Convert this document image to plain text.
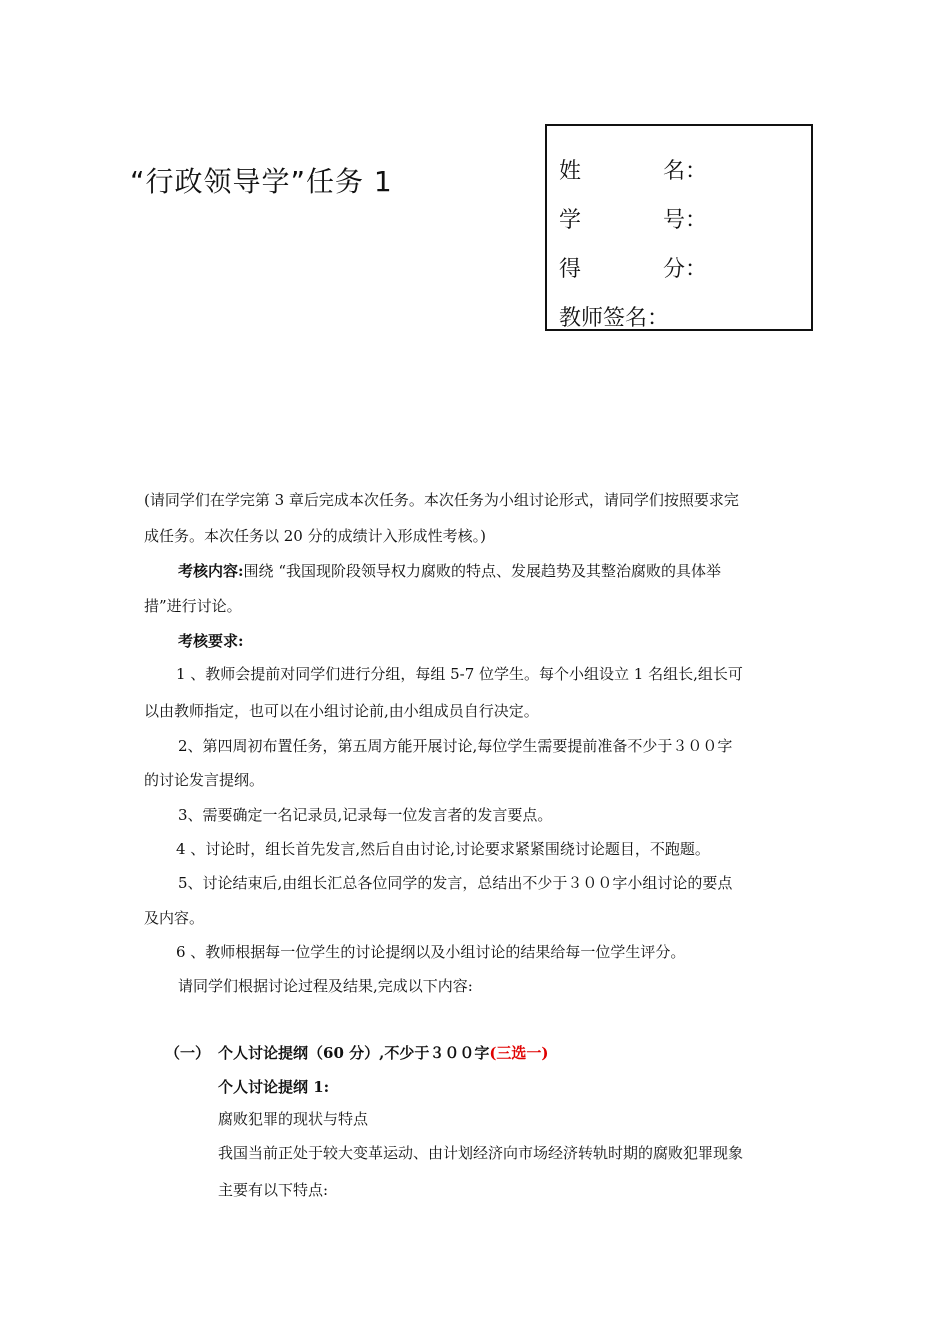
“行政领导学”任务 1	姓	名：
学	号：
得	分：
教师签名：
(请同学们在学完第 3 章后完成本次任务。本次任务为小组讨论形式，请同学们按照要求完
成任务。本次任务以 20 分的成绩计入形成性考核。)
考核内容:围绕 “我国现阶段领导权力腐败的特点、发展趋势及其整治腐败的具体举
措”进行讨论。
考核要求:
1 、教师会提前对同学们进行分组，每组 5-7 位学生。每个小组设立 1 名组长,组长可
以由教师指定，也可以在小组讨论前,由小组成员自行决定。
2、第四周初布置任务，第五周方能开展讨论,每位学生需要提前准备不少于３００字
的讨论发言提纲。
3、需要确定一名记录员,记录每一位发言者的发言要点。
4 、讨论时，组长首先发言,然后自由讨论,讨论要求紧紧围绕讨论题目，不跑题。
5、讨论结束后,由组长汇总各位同学的发言，总结出不少于３００字小组讨论的要点
及内容。
6 、教师根据每一位学生的讨论提纲以及小组讨论的结果给每一位学生评分。
请同学们根据讨论过程及结果,完成以下内容:
（一） 个人讨论提纲（60 分）,不少于３００字(三选一)
个人讨论提纲 1:
腐败犯罪的现状与特点
我国当前正处于较大变革运动、由计划经济向市场经济转轨时期的腐败犯罪现象
主要有以下特点:
